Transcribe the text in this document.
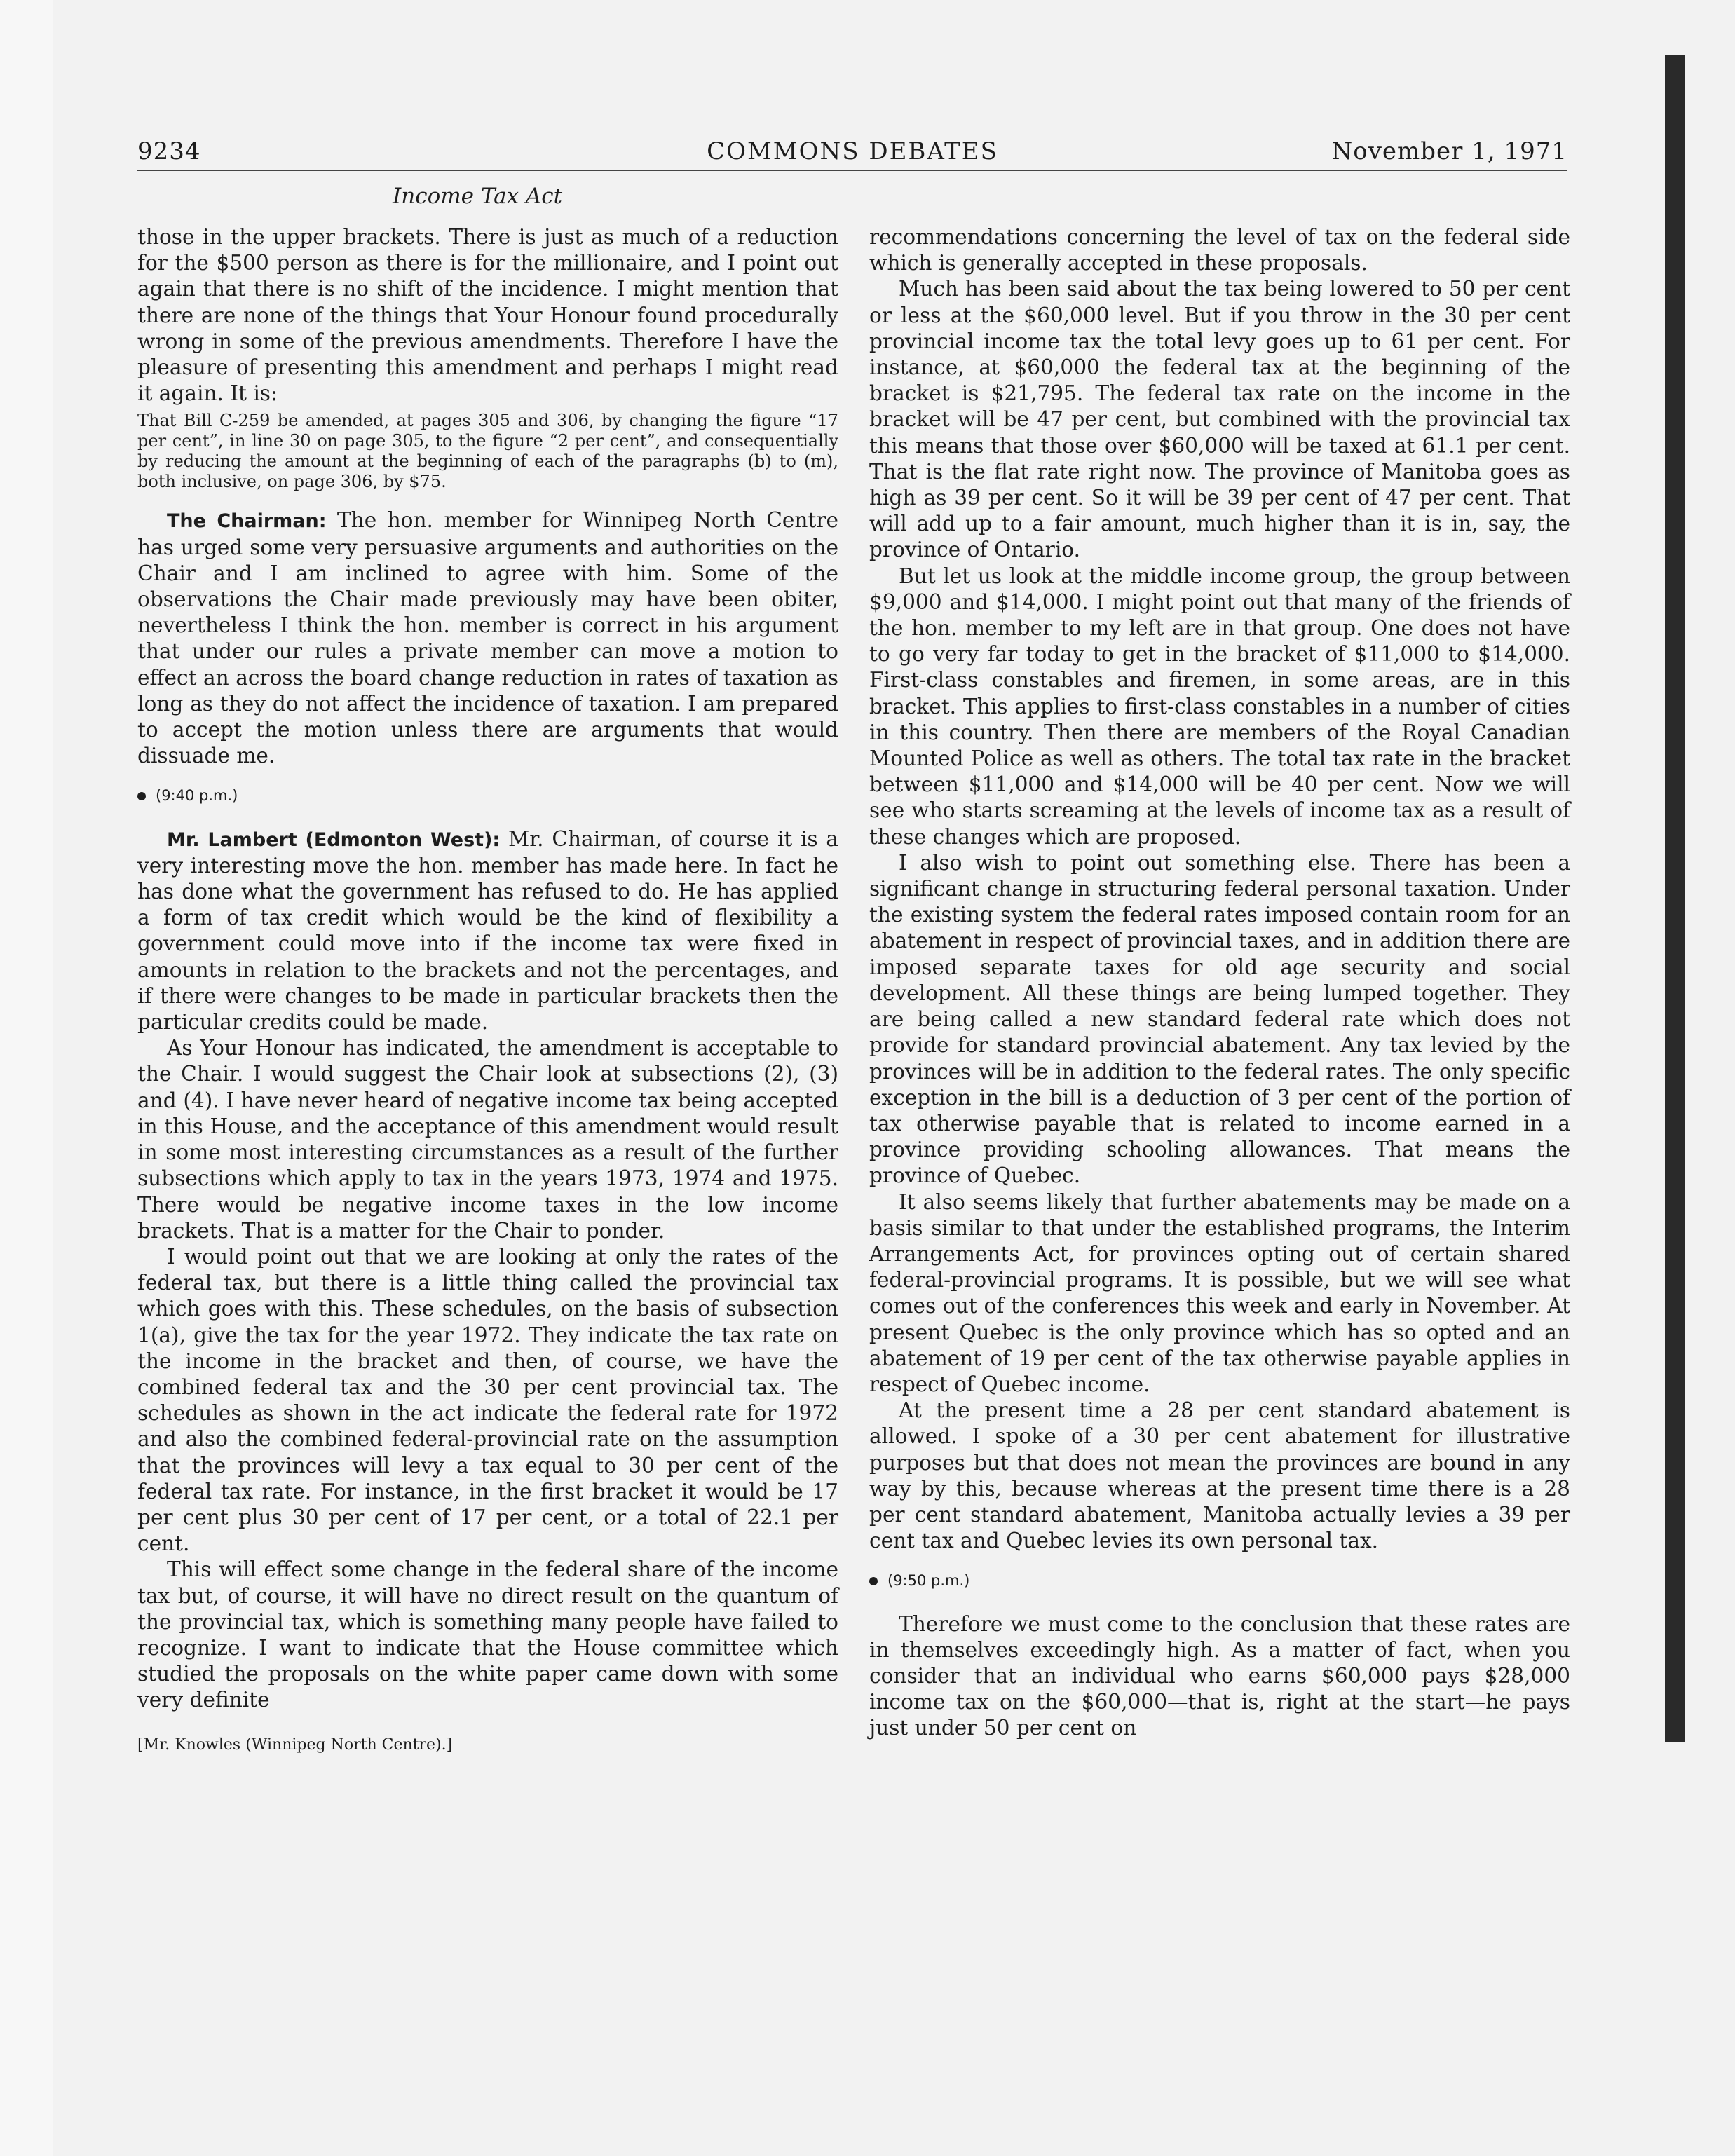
9234	COMMONS DEBATES	November 1, 1971
Income Tax Act

those in the upper brackets. There is just as much of a reduction for the $500 person as there is for the millionaire, and I point out again that there is no shift of the incidence. I might mention that there are none of the things that Your Honour found procedurally wrong in some of the previous amendments. Therefore I have the pleasure of presenting this amendment and perhaps I might read it again. It is:

That Bill C-259 be amended, at pages 305 and 306, by changing the figure “17 per cent”, in line 30 on page 305, to the figure “2 per cent”, and consequentially by reducing the amount at the beginning of each of the paragraphs (b) to (m), both inclusive, on page 306, by $75.

The Chairman: The hon. member for Winnipeg North Centre has urged some very persuasive arguments and authorities on the Chair and I am inclined to agree with him. Some of the observations the Chair made previously may have been obiter, nevertheless I think the hon. member is correct in his argument that under our rules a private member can move a motion to effect an across the board change reduction in rates of taxation as long as they do not affect the incidence of taxation. I am prepared to accept the motion unless there are arguments that would dissuade me.

(9:40 p.m.)

Mr. Lambert (Edmonton West): Mr. Chairman, of course it is a very interesting move the hon. member has made here. In fact he has done what the government has refused to do. He has applied a form of tax credit which would be the kind of flexibility a government could move into if the income tax were fixed in amounts in relation to the brackets and not the percentages, and if there were changes to be made in particular brackets then the particular credits could be made.

As Your Honour has indicated, the amendment is acceptable to the Chair. I would suggest the Chair look at subsections (2), (3) and (4). I have never heard of negative income tax being accepted in this House, and the acceptance of this amendment would result in some most interesting circumstances as a result of the further subsections which apply to tax in the years 1973, 1974 and 1975. There would be negative income taxes in the low income brackets. That is a matter for the Chair to ponder.

I would point out that we are looking at only the rates of the federal tax, but there is a little thing called the provincial tax which goes with this. These schedules, on the basis of subsection 1(a), give the tax for the year 1972. They indicate the tax rate on the income in the bracket and then, of course, we have the combined federal tax and the 30 per cent provincial tax. The schedules as shown in the act indicate the federal rate for 1972 and also the combined federal-provincial rate on the assumption that the provinces will levy a tax equal to 30 per cent of the federal tax rate. For instance, in the first bracket it would be 17 per cent plus 30 per cent of 17 per cent, or a total of 22.1 per cent.

This will effect some change in the federal share of the income tax but, of course, it will have no direct result on the quantum of the provincial tax, which is something many people have failed to recognize. I want to indicate that the House committee which studied the proposals on the white paper came down with some very definite

[Mr. Knowles (Winnipeg North Centre).]

recommendations concerning the level of tax on the federal side which is generally accepted in these proposals.

Much has been said about the tax being lowered to 50 per cent or less at the $60,000 level. But if you throw in the 30 per cent provincial income tax the total levy goes up to 61 per cent. For instance, at $60,000 the federal tax at the beginning of the bracket is $21,795. The federal tax rate on the income in the bracket will be 47 per cent, but combined with the provincial tax this means that those over $60,000 will be taxed at 61.1 per cent. That is the flat rate right now. The province of Manitoba goes as high as 39 per cent. So it will be 39 per cent of 47 per cent. That will add up to a fair amount, much higher than it is in, say, the province of Ontario.

But let us look at the middle income group, the group between $9,000 and $14,000. I might point out that many of the friends of the hon. member to my left are in that group. One does not have to go very far today to get in the bracket of $11,000 to $14,000. First-class constables and firemen, in some areas, are in this bracket. This applies to first-class constables in a number of cities in this country. Then there are members of the Royal Canadian Mounted Police as well as others. The total tax rate in the bracket between $11,000 and $14,000 will be 40 per cent. Now we will see who starts screaming at the levels of income tax as a result of these changes which are proposed.

I also wish to point out something else. There has been a significant change in structuring federal personal taxation. Under the existing system the federal rates imposed contain room for an abatement in respect of provincial taxes, and in addition there are imposed separate taxes for old age security and social development. All these things are being lumped together. They are being called a new standard federal rate which does not provide for standard provincial abatement. Any tax levied by the provinces will be in addition to the federal rates. The only specific exception in the bill is a deduction of 3 per cent of the portion of tax otherwise payable that is related to income earned in a province providing schooling allowances. That means the province of Quebec.

It also seems likely that further abatements may be made on a basis similar to that under the established programs, the Interim Arrangements Act, for provinces opting out of certain shared federal-provincial programs. It is possible, but we will see what comes out of the conferences this week and early in November. At present Quebec is the only province which has so opted and an abatement of 19 per cent of the tax otherwise payable applies in respect of Quebec income.

At the present time a 28 per cent standard abatement is allowed. I spoke of a 30 per cent abatement for illustrative purposes but that does not mean the provinces are bound in any way by this, because whereas at the present time there is a 28 per cent standard abatement, Manitoba actually levies a 39 per cent tax and Quebec levies its own personal tax.

(9:50 p.m.)

Therefore we must come to the conclusion that these rates are in themselves exceedingly high. As a matter of fact, when you consider that an individual who earns $60,000 pays $28,000 income tax on the $60,000—that is, right at the start—he pays just under 50 per cent on
